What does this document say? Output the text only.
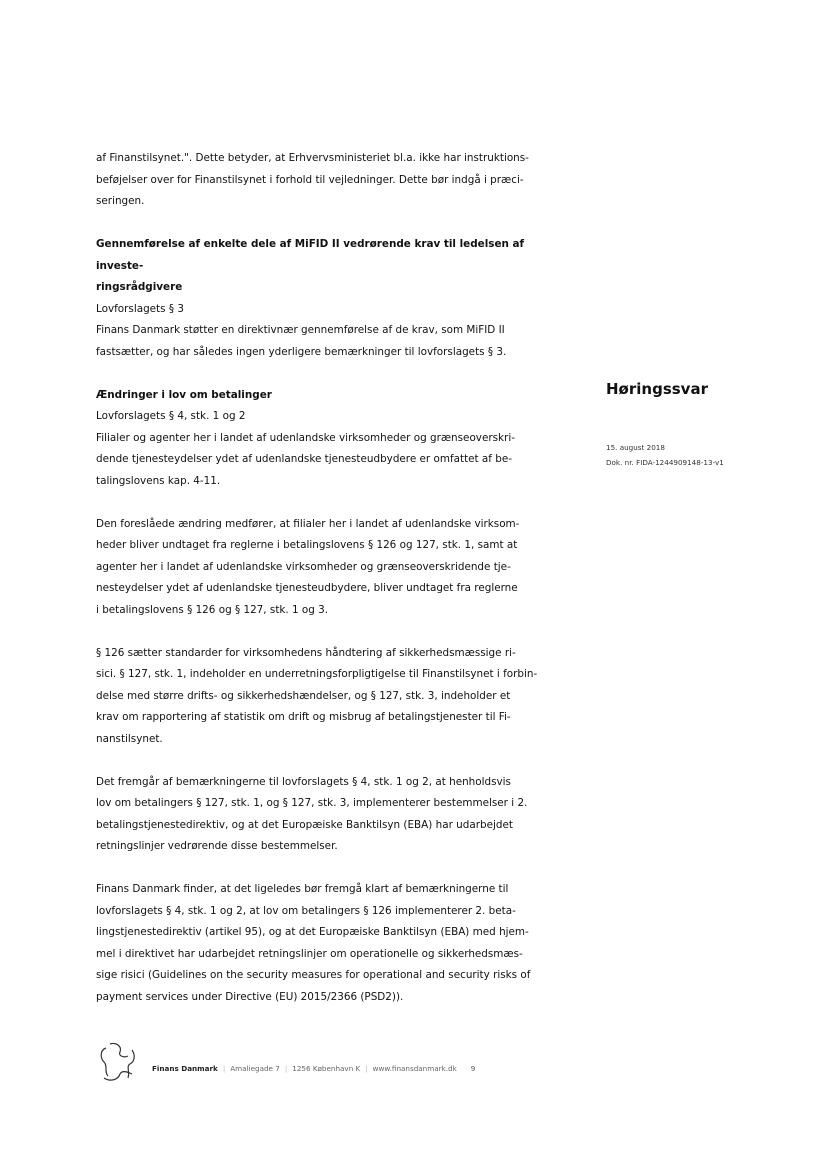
af Finanstilsynet.". Dette betyder, at Erhvervsministeriet bl.a. ikke har instruktions-

beføjelser over for Finanstilsynet i forhold til vejledninger. Dette bør indgå i præci-

seringen.

Gennemførelse af enkelte dele af MiFID II vedrørende krav til ledelsen af investe-

ringsrådgivere

Lovforslagets § 3

Finans Danmark støtter en direktivnær gennemførelse af de krav, som MiFID II

fastsætter, og har således ingen yderligere bemærkninger til lovforslagets § 3.

Ændringer i lov om betalinger

Lovforslagets § 4, stk. 1 og 2

Filialer og agenter her i landet af udenlandske virksomheder og grænseoverskri-

dende tjenesteydelser ydet af udenlandske tjenesteudbydere er omfattet af be-

talingslovens kap. 4-11.

Den foreslåede ændring medfører, at filialer her i landet af udenlandske virksom-

heder bliver undtaget fra reglerne i betalingslovens § 126 og 127, stk. 1, samt at

agenter her i landet af udenlandske virksomheder og grænseoverskridende tje-

nesteydelser ydet af udenlandske tjenesteudbydere, bliver undtaget fra reglerne

i betalingslovens § 126 og § 127, stk. 1 og 3.

§ 126 sætter standarder for virksomhedens håndtering af sikkerhedsmæssige ri-

sici. § 127, stk. 1, indeholder en underretningsforpligtigelse til Finanstilsynet i forbin-

delse med større drifts- og sikkerhedshændelser, og § 127, stk. 3, indeholder et

krav om rapportering af statistik om drift og misbrug af betalingstjenester til Fi-

nanstilsynet.

Det fremgår af bemærkningerne til lovforslagets § 4, stk. 1 og 2, at henholdsvis

lov om betalingers § 127, stk. 1, og § 127, stk. 3, implementerer bestemmelser i 2.

betalingstjenestedirektiv, og at det Europæiske Banktilsyn (EBA) har udarbejdet

retningslinjer vedrørende disse bestemmelser.

Finans Danmark finder, at det ligeledes bør fremgå klart af bemærkningerne til

lovforslagets § 4, stk. 1 og 2, at lov om betalingers § 126 implementerer 2. beta-

lingstjenestedirektiv (artikel 95), og at det Europæiske Banktilsyn (EBA) med hjem-

mel i direktivet har udarbejdet retningslinjer om operationelle og sikkerhedsmæs-

sige risici (Guidelines on the security measures for operational and security risks of

payment services under Directive (EU) 2015/2366 (PSD2)).

Høringssvar
15. august 2018
Dok. nr. FIDA-1244909148-13-v1
Finans Danmark | Amaliegade 7 | 1256 København K | www.finansdanmark.dk 9
